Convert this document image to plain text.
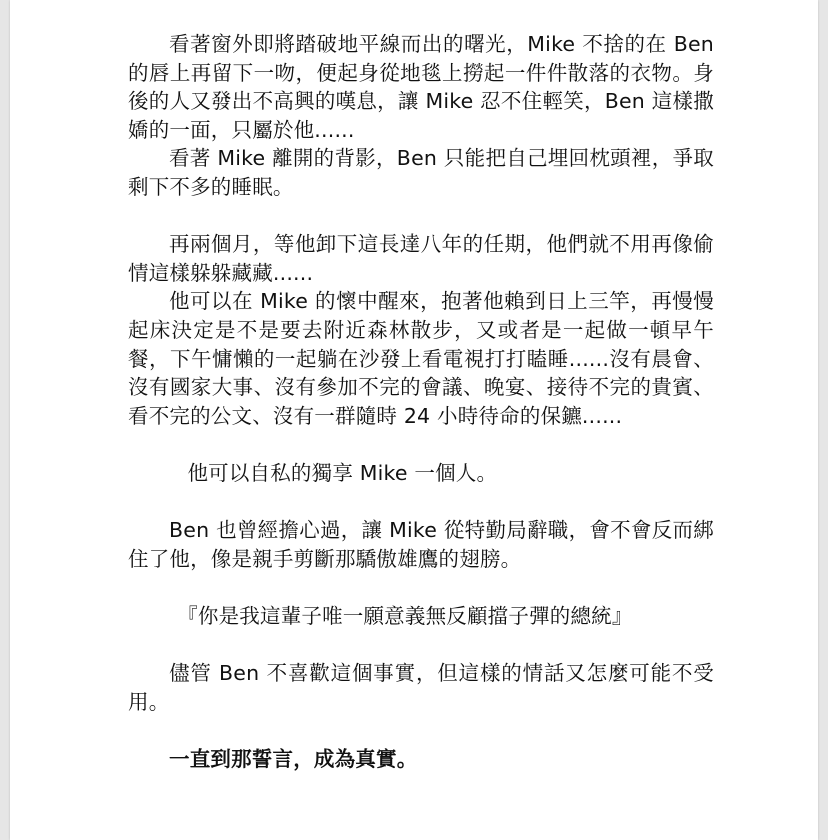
看著窗外即將踏破地平線而出的曙光，Mike 不捨的在 Ben 的唇上再留下一吻，便起身從地毯上撈起一件件散落的衣物。身後的人又發出不高興的嘆息，讓 Mike 忍不住輕笑，Ben 這樣撒嬌的一面，只屬於他......

看著 Mike 離開的背影，Ben 只能把自己埋回枕頭裡，爭取剩下不多的睡眠。

再兩個月，等他卸下這長達八年的任期，他們就不用再像偷情這樣躲躲藏藏......

他可以在 Mike 的懷中醒來，抱著他賴到日上三竿，再慢慢起床決定是不是要去附近森林散步，又或者是一起做一頓早午餐，下午慵懶的一起躺在沙發上看電視打打瞌睡......沒有晨會、沒有國家大事、沒有參加不完的會議、晚宴、接待不完的貴賓、看不完的公文、沒有一群隨時 24 小時待命的保鑣......

他可以自私的獨享 Mike 一個人。

Ben 也曾經擔心過，讓 Mike 從特勤局辭職，會不會反而綁住了他，像是親手剪斷那驕傲雄鷹的翅膀。

『你是我這輩子唯一願意義無反顧擋子彈的總統』

儘管 Ben 不喜歡這個事實，但這樣的情話又怎麼可能不受用。

一直到那誓言，成為真實。
